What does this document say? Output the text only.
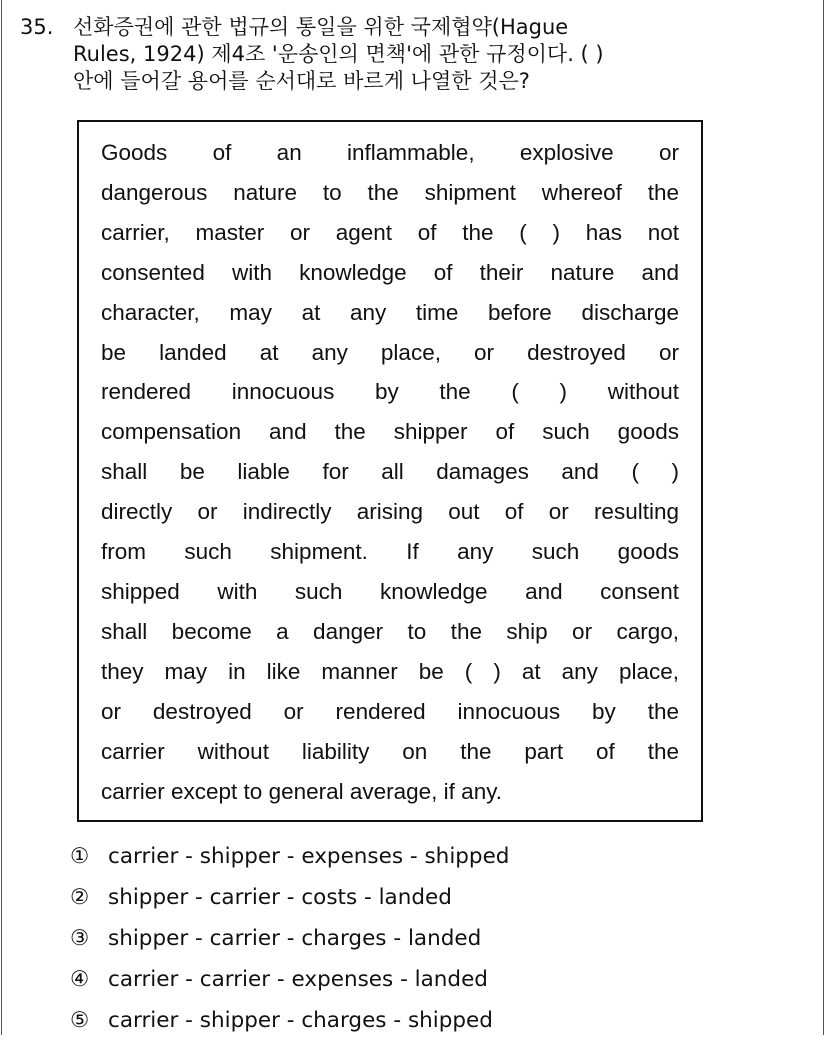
35. 선화증권에 관한 법규의 통일을 위한 국제협약(Hague
Rules, 1924) 제4조 '운송인의 면책'에 관한 규정이다. ( )
안에 들어갈 용어를 순서대로 바르게 나열한 것은?
Goods of an inflammable, explosive or
dangerous nature to the shipment whereof the
carrier, master or agent of the ( ) has not
consented with knowledge of their nature and
character, may at any time before discharge
be landed at any place, or destroyed or
rendered innocuous by the ( ) without
compensation and the shipper of such goods
shall be liable for all damages and ( )
directly or indirectly arising out of or resulting
from such shipment. If any such goods
shipped with such knowledge and consent
shall become a danger to the ship or cargo,
they may in like manner be ( ) at any place,
or destroyed or rendered innocuous by the
carrier without liability on the part of the
carrier except to general average, if any.
① carrier - shipper - expenses - shipped
② shipper - carrier - costs - landed
③ shipper - carrier - charges - landed
④ carrier - carrier - expenses - landed
⑤ carrier - shipper - charges - shipped
